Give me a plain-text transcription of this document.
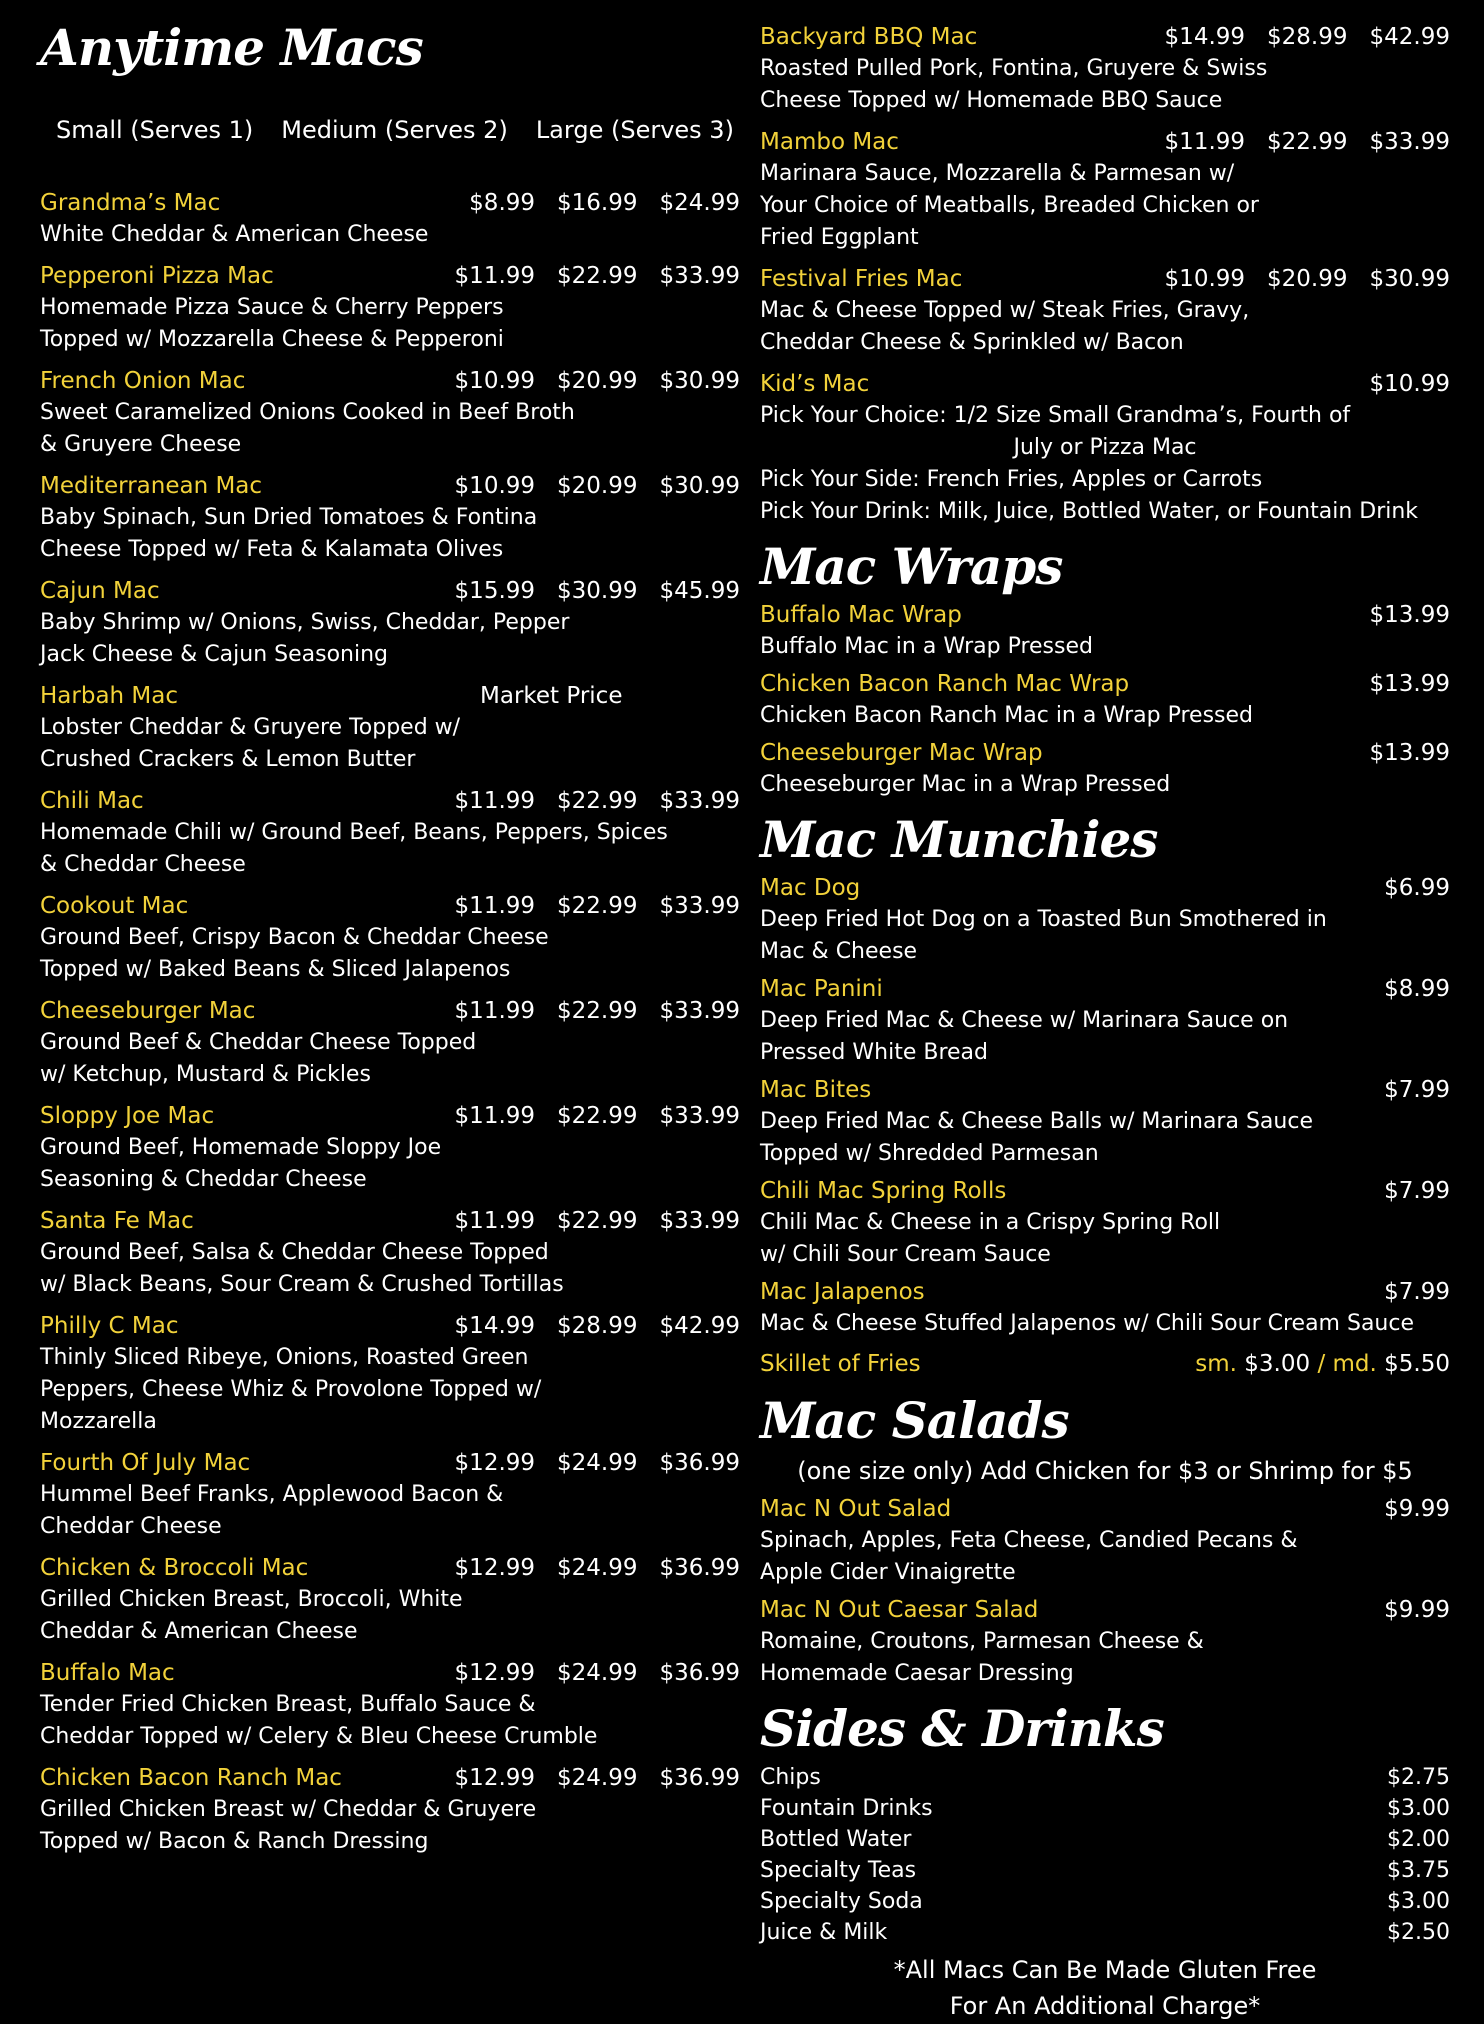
Anytime Macs
Small (Serves 1) Medium (Serves 2) Large (Serves 3)
Grandma’s Mac	$8.99 $16.99 $24.99
White Cheddar & American Cheese
Pepperoni Pizza Mac	$11.99 $22.99 $33.99
Homemade Pizza Sauce & Cherry Peppers
Topped w/ Mozzarella Cheese & Pepperoni
French Onion Mac	$10.99 $20.99 $30.99
Sweet Caramelized Onions Cooked in Beef Broth
& Gruyere Cheese
Mediterranean Mac	$10.99 $20.99 $30.99
Baby Spinach, Sun Dried Tomatoes & Fontina
Cheese Topped w/ Feta & Kalamata Olives
Cajun Mac	$15.99 $30.99 $45.99
Baby Shrimp w/ Onions, Swiss, Cheddar, Pepper
Jack Cheese & Cajun Seasoning
Harbah Mac	Market Price
Lobster Cheddar & Gruyere Topped w/
Crushed Crackers & Lemon Butter
Chili Mac	$11.99 $22.99 $33.99
Homemade Chili w/ Ground Beef, Beans, Peppers, Spices
& Cheddar Cheese
Cookout Mac	$11.99 $22.99 $33.99
Ground Beef, Crispy Bacon & Cheddar Cheese
Topped w/ Baked Beans & Sliced Jalapenos
Cheeseburger Mac	$11.99 $22.99 $33.99
Ground Beef & Cheddar Cheese Topped
w/ Ketchup, Mustard & Pickles
Sloppy Joe Mac	$11.99 $22.99 $33.99
Ground Beef, Homemade Sloppy Joe
Seasoning & Cheddar Cheese
Santa Fe Mac	$11.99 $22.99 $33.99
Ground Beef, Salsa & Cheddar Cheese Topped
w/ Black Beans, Sour Cream & Crushed Tortillas
Philly C Mac	$14.99 $28.99 $42.99
Thinly Sliced Ribeye, Onions, Roasted Green
Peppers, Cheese Whiz & Provolone Topped w/
Mozzarella
Fourth Of July Mac	$12.99 $24.99 $36.99
Hummel Beef Franks, Applewood Bacon &
Cheddar Cheese
Chicken & Broccoli Mac	$12.99 $24.99 $36.99
Grilled Chicken Breast, Broccoli, White
Cheddar & American Cheese
Buffalo Mac	$12.99 $24.99 $36.99
Tender Fried Chicken Breast, Buffalo Sauce &
Cheddar Topped w/ Celery & Bleu Cheese Crumble
Chicken Bacon Ranch Mac	$12.99 $24.99 $36.99
Grilled Chicken Breast w/ Cheddar & Gruyere
Topped w/ Bacon & Ranch Dressing
Backyard BBQ Mac	$14.99 $28.99 $42.99
Roasted Pulled Pork, Fontina, Gruyere & Swiss
Cheese Topped w/ Homemade BBQ Sauce
Mambo Mac	$11.99 $22.99 $33.99
Marinara Sauce, Mozzarella & Parmesan w/
Your Choice of Meatballs, Breaded Chicken or
Fried Eggplant
Festival Fries Mac	$10.99 $20.99 $30.99
Mac & Cheese Topped w/ Steak Fries, Gravy,
Cheddar Cheese & Sprinkled w/ Bacon
Kid’s Mac	$10.99
Pick Your Choice: 1/2 Size Small Grandma’s, Fourth of
July or Pizza Mac
Pick Your Side: French Fries, Apples or Carrots
Pick Your Drink: Milk, Juice, Bottled Water, or Fountain Drink
Mac Wraps
Buffalo Mac Wrap	$13.99
Buffalo Mac in a Wrap Pressed
Chicken Bacon Ranch Mac Wrap	$13.99
Chicken Bacon Ranch Mac in a Wrap Pressed
Cheeseburger Mac Wrap	$13.99
Cheeseburger Mac in a Wrap Pressed
Mac Munchies
Mac Dog	$6.99
Deep Fried Hot Dog on a Toasted Bun Smothered in
Mac & Cheese
Mac Panini	$8.99
Deep Fried Mac & Cheese w/ Marinara Sauce on
Pressed White Bread
Mac Bites	$7.99
Deep Fried Mac & Cheese Balls w/ Marinara Sauce
Topped w/ Shredded Parmesan
Chili Mac Spring Rolls	$7.99
Chili Mac & Cheese in a Crispy Spring Roll
w/ Chili Sour Cream Sauce
Mac Jalapenos	$7.99
Mac & Cheese Stuffed Jalapenos w/ Chili Sour Cream Sauce
Skillet of Fries	sm. $3.00 / md. $5.50
Mac Salads
(one size only) Add Chicken for $3 or Shrimp for $5
Mac N Out Salad	$9.99
Spinach, Apples, Feta Cheese, Candied Pecans &
Apple Cider Vinaigrette
Mac N Out Caesar Salad	$9.99
Romaine, Croutons, Parmesan Cheese &
Homemade Caesar Dressing
Sides & Drinks
Chips	$2.75
Fountain Drinks	$3.00
Bottled Water	$2.00
Specialty Teas	$3.75
Specialty Soda	$3.00
Juice & Milk	$2.50
*All Macs Can Be Made Gluten Free
For An Additional Charge*
